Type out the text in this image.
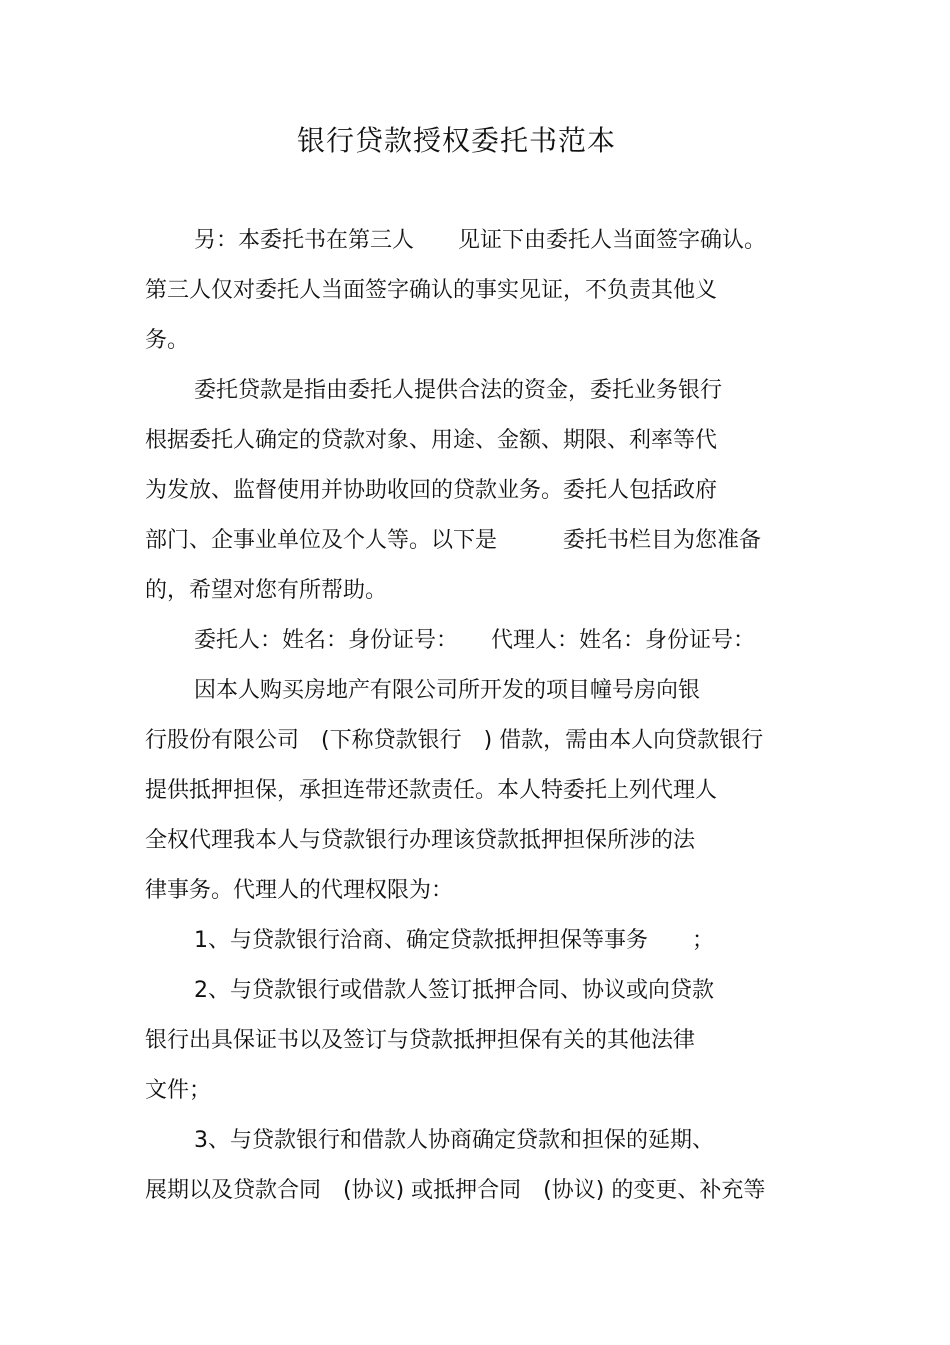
银行贷款授权委托书范本
另：本委托书在第三人　　见证下由委托人当面签字确认。
第三人仅对委托人当面签字确认的事实见证，不负责其他义
务。
委托贷款是指由委托人提供合法的资金，委托业务银行
根据委托人确定的贷款对象、用途、金额、期限、利率等代
为发放、监督使用并协助收回的贷款业务。委托人包括政府
部门、企事业单位及个人等。以下是　　　委托书栏目为您准备
的，希望对您有所帮助。
委托人：姓名：身份证号：　　代理人：姓名：身份证号：
因本人购买房地产有限公司所开发的项目幢号房向银
行股份有限公司　(下称贷款银行　) 借款，需由本人向贷款银行
提供抵押担保，承担连带还款责任。本人特委托上列代理人
全权代理我本人与贷款银行办理该贷款抵押担保所涉的法
律事务。代理人的代理权限为：
1、与贷款银行洽商、确定贷款抵押担保等事务　　；
2、与贷款银行或借款人签订抵押合同、协议或向贷款
银行出具保证书以及签订与贷款抵押担保有关的其他法律
文件；
3、与贷款银行和借款人协商确定贷款和担保的延期、
展期以及贷款合同　(协议) 或抵押合同　(协议) 的变更、补充等
